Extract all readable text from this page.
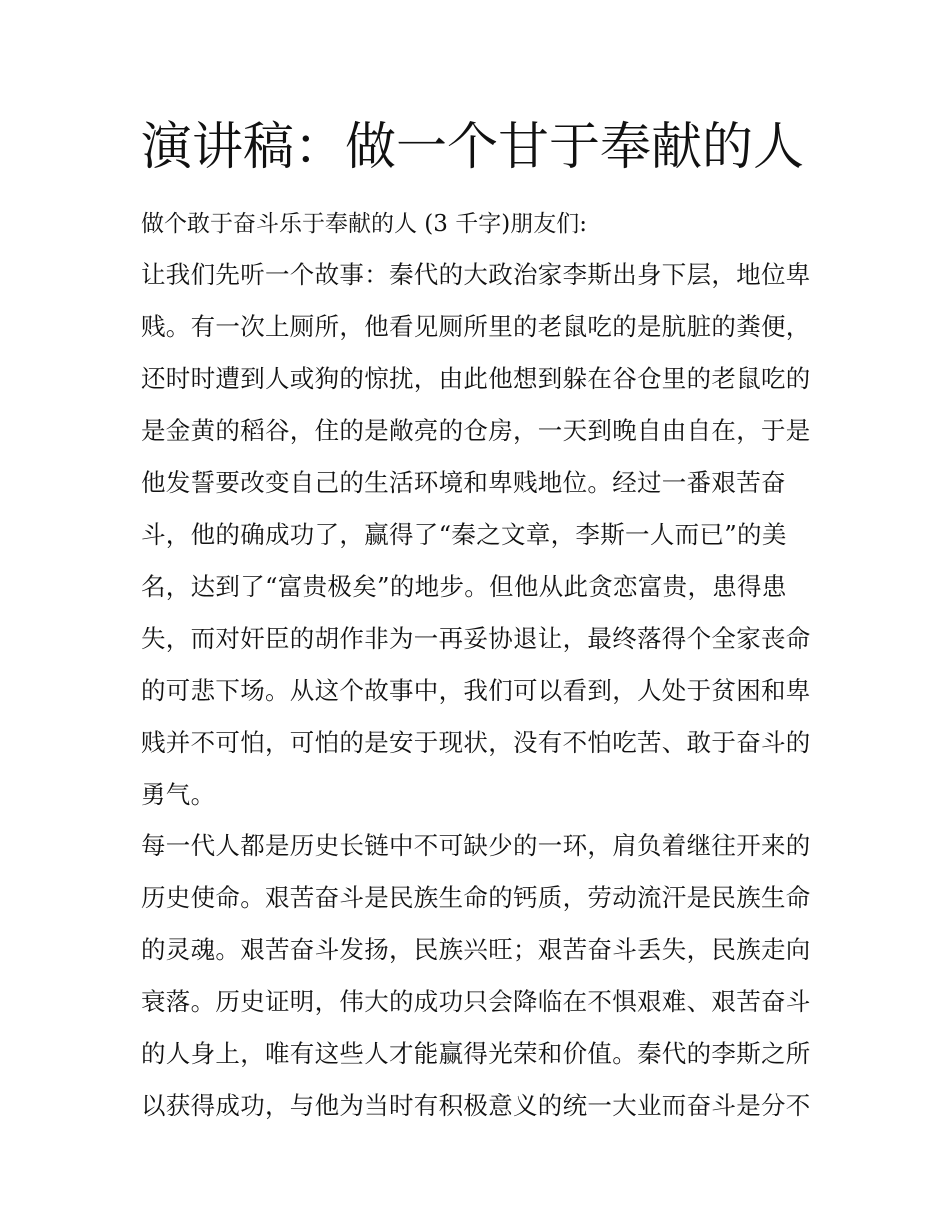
演讲稿：做一个甘于奉献的人

做个敢于奋斗乐于奉献的人 (3 千字)朋友们:

让我们先听一个故事：秦代的大政治家李斯出身下层，地位卑

贱。有一次上厕所，他看见厕所里的老鼠吃的是肮脏的粪便，

还时时遭到人或狗的惊扰，由此他想到躲在谷仓里的老鼠吃的

是金黄的稻谷，住的是敞亮的仓房，一天到晚自由自在，于是

他发誓要改变自己的生活环境和卑贱地位。经过一番艰苦奋

斗，他的确成功了，赢得了“秦之文章，李斯一人而已”的美

名，达到了“富贵极矣”的地步。但他从此贪恋富贵，患得患

失，而对奸臣的胡作非为一再妥协退让，最终落得个全家丧命

的可悲下场。从这个故事中，我们可以看到，人处于贫困和卑

贱并不可怕，可怕的是安于现状，没有不怕吃苦、敢于奋斗的

勇气。

每一代人都是历史长链中不可缺少的一环，肩负着继往开来的

历史使命。艰苦奋斗是民族生命的钙质，劳动流汗是民族生命

的灵魂。艰苦奋斗发扬，民族兴旺；艰苦奋斗丢失，民族走向

衰落。历史证明，伟大的成功只会降临在不惧艰难、艰苦奋斗

的人身上，唯有这些人才能赢得光荣和价值。秦代的李斯之所

以获得成功，与他为当时有积极意义的统一大业而奋斗是分不
